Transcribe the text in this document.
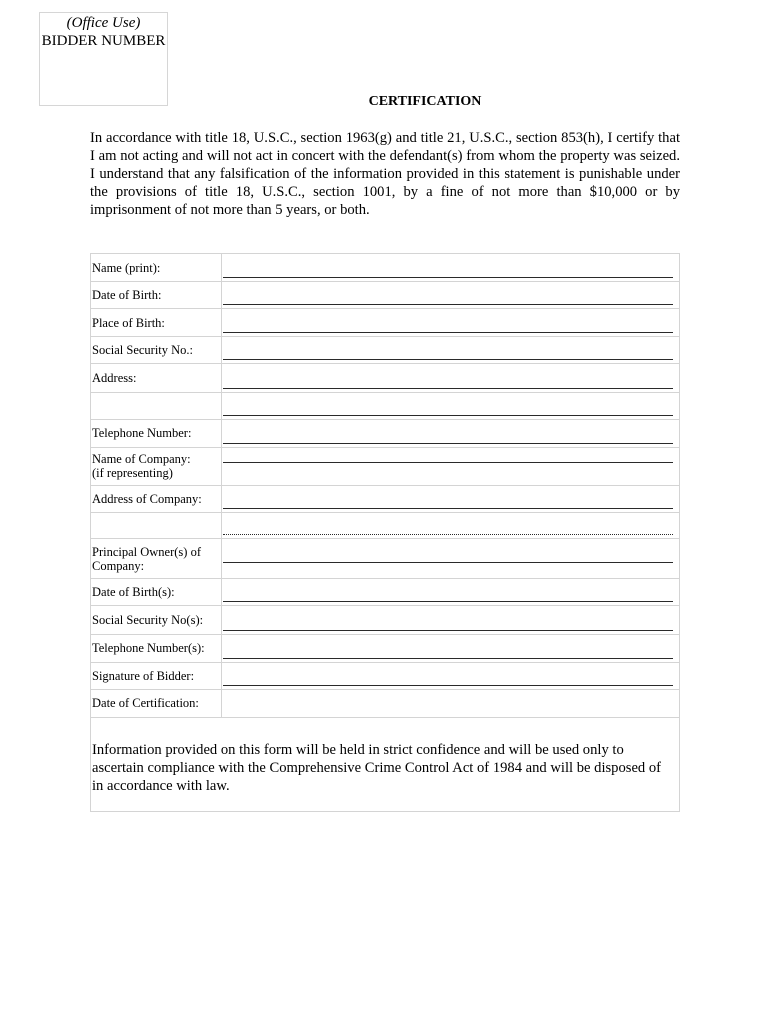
(Office Use)
BIDDER NUMBER
CERTIFICATION

In accordance with title 18, U.S.C., section 1963(g) and title 21, U.S.C., section 853(h), I certify that I am not acting and will not act in concert with the defendant(s) from whom the property was seized. I understand that any falsification of the information provided in this statement is punishable under the provisions of title 18, U.S.C., section 1001, by a fine of not more than $10,000 or by imprisonment of not more than 5 years, or both.

Name (print):	

Date of Birth:	

Place of Birth:	

Social Security No.:	

Address:	

Telephone Number:	

Name of Company:
(if representing)	

Address of Company:	

Principal Owner(s) of Company:	

Date of Birth(s):	

Social Security No(s):	

Telephone Number(s):	

Signature of Bidder:	

Date of Certification:	

Information provided on this form will be held in strict confidence and will be used only to ascertain compliance with the Comprehensive Crime Control Act of 1984 and will be disposed of in accordance with law.
